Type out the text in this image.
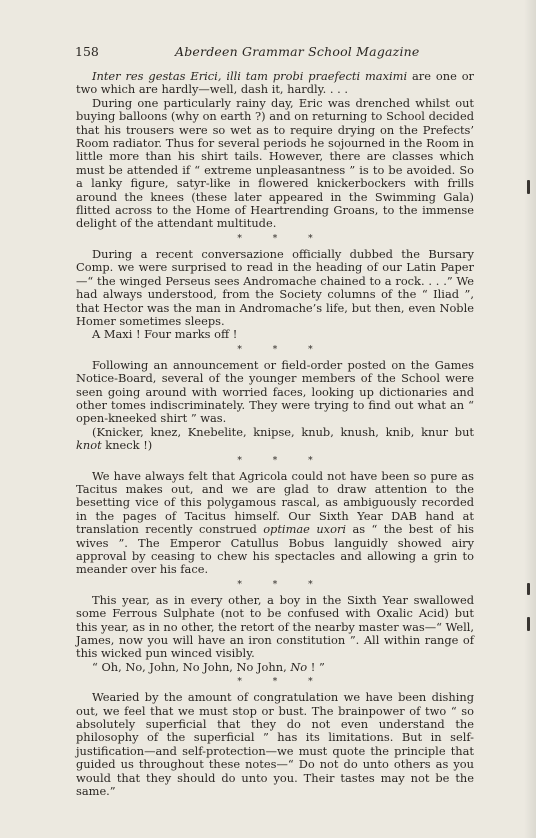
158	Aberdeen Grammar School Magazine

Inter res gestas Erici, illi tam probi praefecti maximi are one or two which are hardly—well, dash it, hardly. . . .

During one particularly rainy day, Eric was drenched whilst out buying balloons (why on earth ?) and on returning to School decided that his trousers were so wet as to require drying on the Prefects’ Room radiator. Thus for several periods he sojourned in the Room in little more than his shirt tails. However, there are classes which must be attended if “ extreme unpleasantness ” is to be avoided. So a lanky figure, satyr-like in flowered knickerbockers with frills around the knees (these later appeared in the Swimming Gala) flitted across to the Home of Heartrending Groans, to the immense delight of the attendant multitude.

* * *

During a recent conversazione officially dubbed the Bursary Comp. we were surprised to read in the heading of our Latin Paper—“ the winged Perseus sees Andromache chained to a rock. . . .” We had always understood, from the Society columns of the “ Iliad ”, that Hector was the man in Andromache’s life, but then, even Noble Homer sometimes sleeps.

A Maxi ! Four marks off !

* * *

Following an announcement or field-order posted on the Games Notice-Board, several of the younger members of the School were seen going around with worried faces, looking up dictionaries and other tomes indiscriminately. They were trying to find out what an “ open-kneeked shirt ” was.

(Knicker, knez, Knebelite, knipse, knub, knush, knib, knur but knot kneck !)

* * *

We have always felt that Agricola could not have been so pure as Tacitus makes out, and we are glad to draw attention to the besetting vice of this polygamous rascal, as ambiguously recorded in the pages of Tacitus himself. Our Sixth Year DAB hand at translation recently construed optimae uxori as “ the best of his wives ”. The Emperor Catullus Bobus languidly showed airy approval by ceasing to chew his spectacles and allowing a grin to meander over his face.

* * *

This year, as in every other, a boy in the Sixth Year swallowed some Ferrous Sulphate (not to be confused with Oxalic Acid) but this year, as in no other, the retort of the nearby master was—“ Well, James, now you will have an iron constitution ”. All within range of this wicked pun winced visibly.

“ Oh, No, John, No John, No John, No ! ”

* * *

Wearied by the amount of congratulation we have been dishing out, we feel that we must stop or bust. The brainpower of two “ so absolutely superficial that they do not even understand the philosophy of the superficial ” has its limitations. But in self-justification—and self-protection—we must quote the principle that guided us throughout these notes—“ Do not do unto others as you would that they should do unto you. Their tastes may not be the same.”
